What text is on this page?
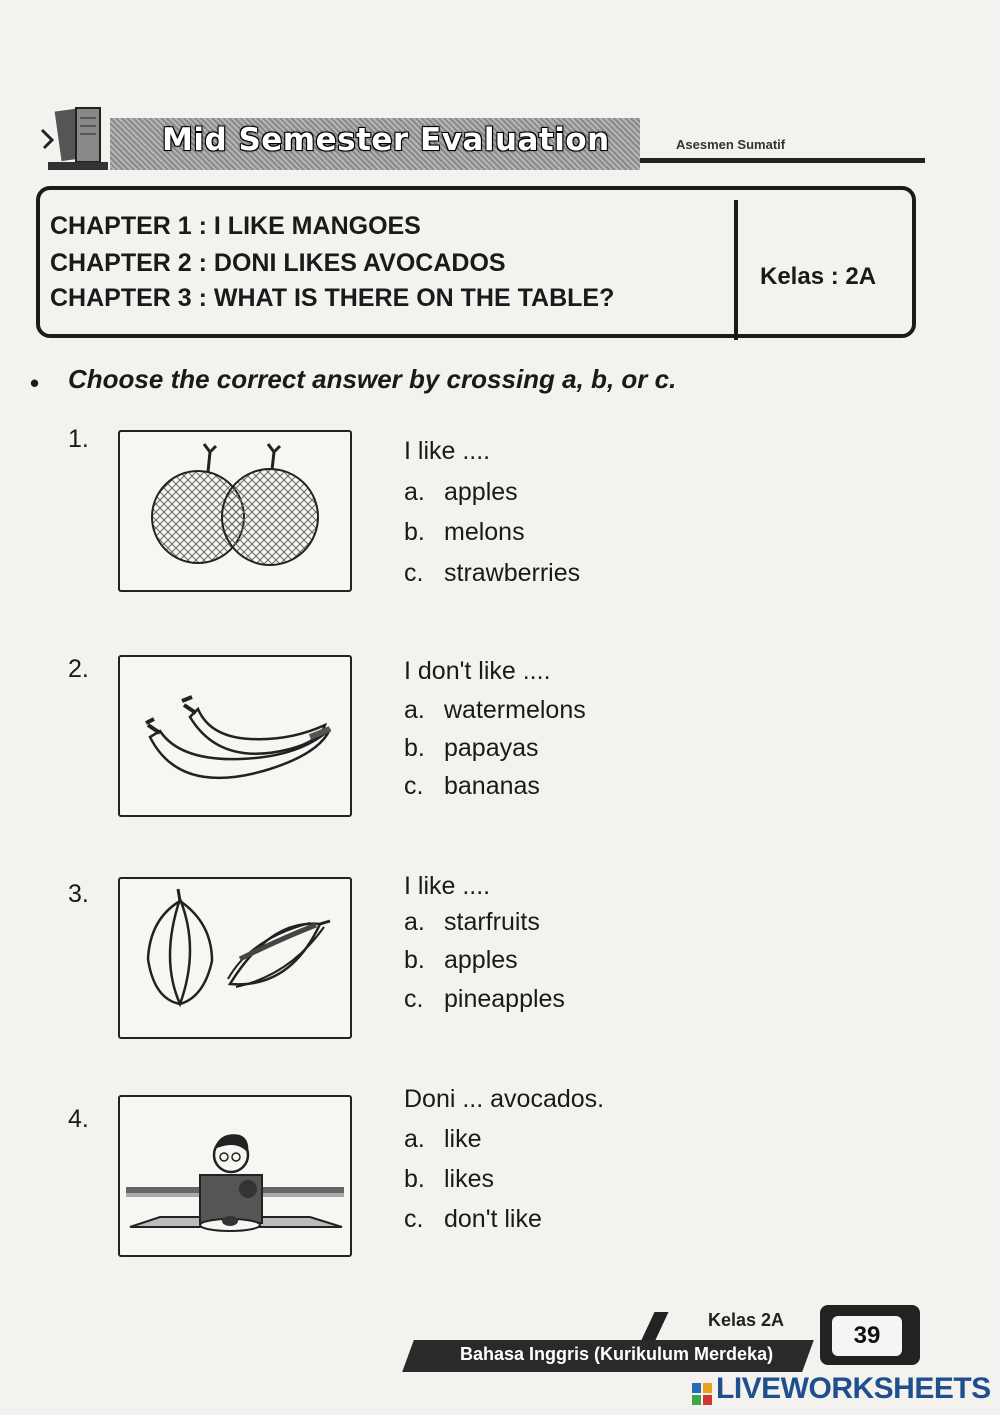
Mid Semester Evaluation	Asesmen Sumatif
CHAPTER 1 : I LIKE MANGOES
CHAPTER 2 : DONI LIKES AVOCADOS
CHAPTER 3 : WHAT IS THERE ON THE TABLE?
Kelas : 2A
• Choose the correct answer by crossing a, b, or c.
1.	I like ....
a. apples
b. melons
c. strawberries
2.	I don't like ....
a. watermelons
b. papayas
c. bananas
3.	I like ....
a. starfruits
b. apples
c. pineapples
4.
Doni ... avocados.
a. like
b. likes
c. don't like
Kelas 2A
Bahasa Inggris (Kurikulum Merdeka)
39
LIVEWORKSHEETS
